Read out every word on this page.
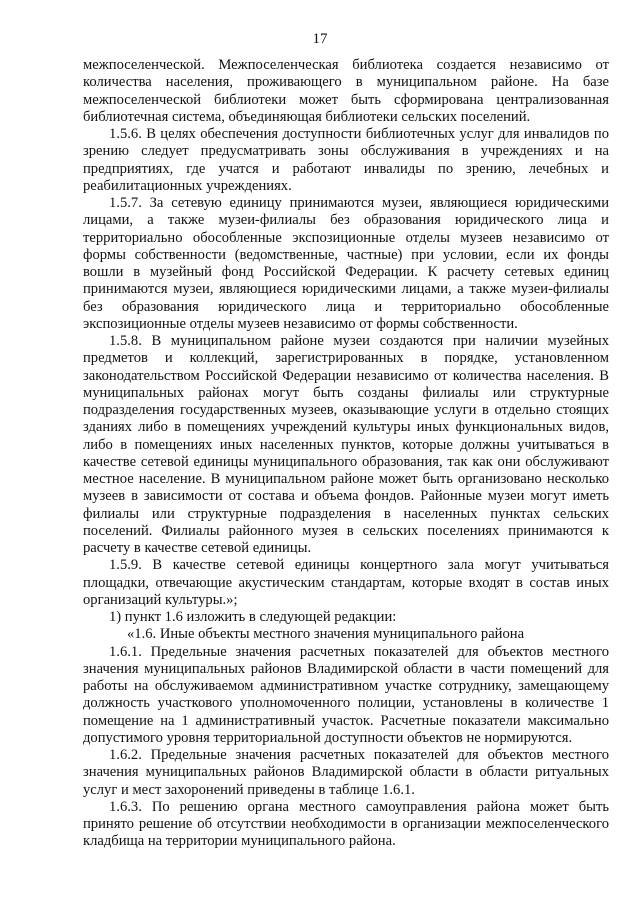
17

межпоселенческой. Межпоселенческая библиотека создается независимо от количества населения, проживающего в муниципальном районе. На базе межпоселенческой библиотеки может быть сформирована централизованная библиотечная система, объединяющая библиотеки сельских поселений.

1.5.6. В целях обеспечения доступности библиотечных услуг для инвалидов по зрению следует предусматривать зоны обслуживания в учреждениях и на предприятиях, где учатся и работают инвалиды по зрению, лечебных и реабилитационных учреждениях.

1.5.7. За сетевую единицу принимаются музеи, являющиеся юридическими лицами, а также музеи-филиалы без образования юридического лица и территориально обособленные экспозиционные отделы музеев независимо от формы собственности (ведомственные, частные) при условии, если их фонды вошли в музейный фонд Российской Федерации. К расчету сетевых единиц принимаются музеи, являющиеся юридическими лицами, а также музеи-филиалы без образования юридического лица и территориально обособленные экспозиционные отделы музеев независимо от формы собственности.

1.5.8. В муниципальном районе музеи создаются при наличии музейных предметов и коллекций, зарегистрированных в порядке, установленном законодательством Российской Федерации независимо от количества населения. В муниципальных районах могут быть созданы филиалы или структурные подразделения государственных музеев, оказывающие услуги в отдельно стоящих зданиях либо в помещениях учреждений культуры иных функциональных видов, либо в помещениях иных населенных пунктов, которые должны учитываться в качестве сетевой единицы муниципального образования, так как они обслуживают местное население. В муниципальном районе может быть организовано несколько музеев в зависимости от состава и объема фондов. Районные музеи могут иметь филиалы или структурные подразделения в населенных пунктах сельских поселений. Филиалы районного музея в сельских поселениях принимаются к расчету в качестве сетевой единицы.

1.5.9. В качестве сетевой единицы концертного зала могут учитываться площадки, отвечающие акустическим стандартам, которые входят в состав иных организаций культуры.»;

1) пункт 1.6 изложить в следующей редакции:

«1.6. Иные объекты местного значения муниципального района

1.6.1. Предельные значения расчетных показателей для объектов местного значения муниципальных районов Владимирской области в части помещений для работы на обслуживаемом административном участке сотруднику, замещающему должность участкового уполномоченного полиции, установлены в количестве 1 помещение на 1 административный участок. Расчетные показатели максимально допустимого уровня территориальной доступности объектов не нормируются.

1.6.2. Предельные значения расчетных показателей для объектов местного значения муниципальных районов Владимирской области в области ритуальных услуг и мест захоронений приведены в таблице 1.6.1.

1.6.3. По решению органа местного самоуправления района может быть принято решение об отсутствии необходимости в организации межпоселенческого кладбища на территории муниципального района.
